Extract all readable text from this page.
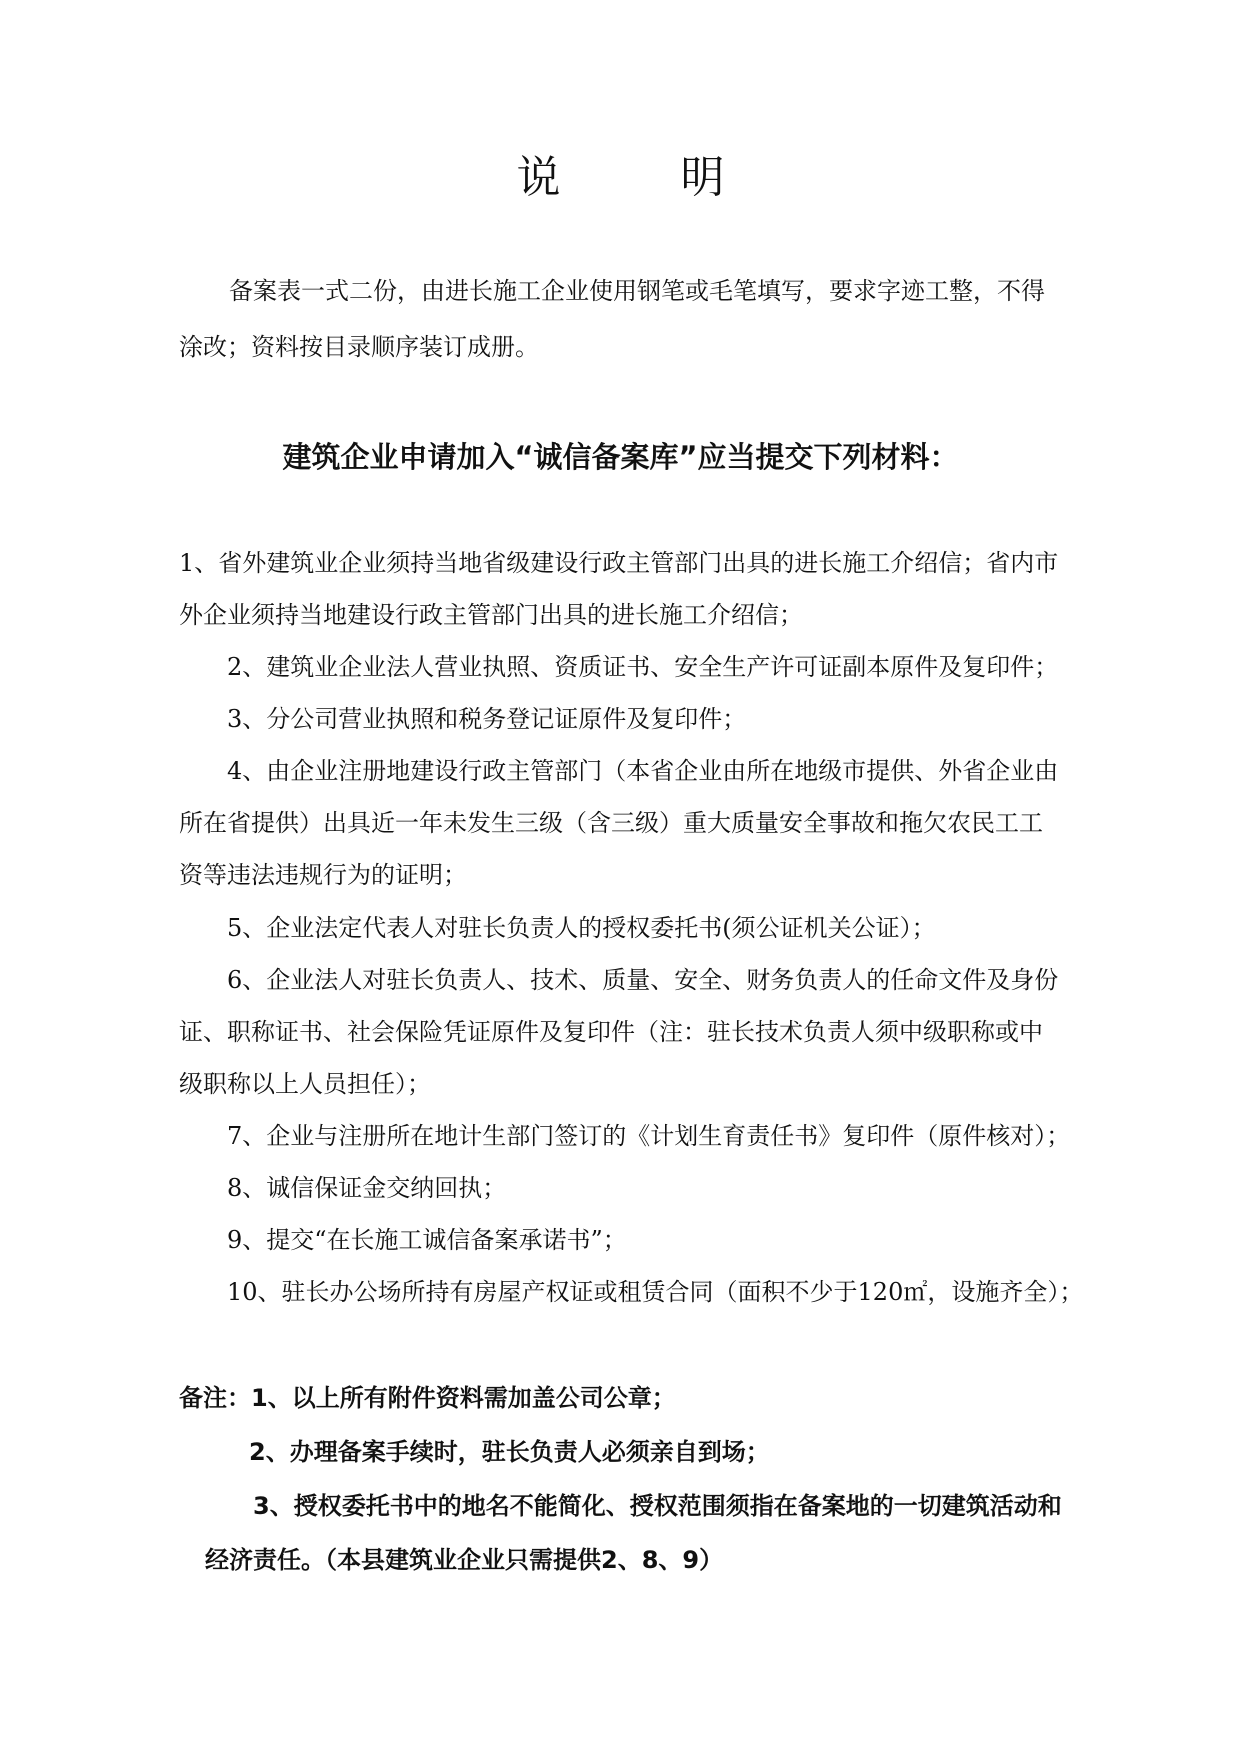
说	明
备案表一式二份，由进长施工企业使用钢笔或毛笔填写，要求字迹工整，不得
涂改；资料按目录顺序装订成册。
建筑企业申请加入“诚信备案库”应当提交下列材料：
1、省外建筑业企业须持当地省级建设行政主管部门出具的进长施工介绍信；省内市
外企业须持当地建设行政主管部门出具的进长施工介绍信；
2、建筑业企业法人营业执照、资质证书、安全生产许可证副本原件及复印件；
3、分公司营业执照和税务登记证原件及复印件；
4、由企业注册地建设行政主管部门（本省企业由所在地级市提供、外省企业由
所在省提供）出具近一年未发生三级（含三级）重大质量安全事故和拖欠农民工工
资等违法违规行为的证明；
5、企业法定代表人对驻长负责人的授权委托书(须公证机关公证）；
6、企业法人对驻长负责人、技术、质量、安全、财务负责人的任命文件及身份
证、职称证书、社会保险凭证原件及复印件（注：驻长技术负责人须中级职称或中
级职称以上人员担任）；
7、企业与注册所在地计生部门签订的《计划生育责任书》复印件（原件核对）；
8、诚信保证金交纳回执；
9、提交“在长施工诚信备案承诺书”；
10、驻长办公场所持有房屋产权证或租赁合同（面积不少于120㎡，设施齐全）；
备注：1、以上所有附件资料需加盖公司公章；
2、办理备案手续时，驻长负责人必须亲自到场；
3、授权委托书中的地名不能简化、授权范围须指在备案地的一切建筑活动和
经济责任。（本县建筑业企业只需提供2、8、9）
